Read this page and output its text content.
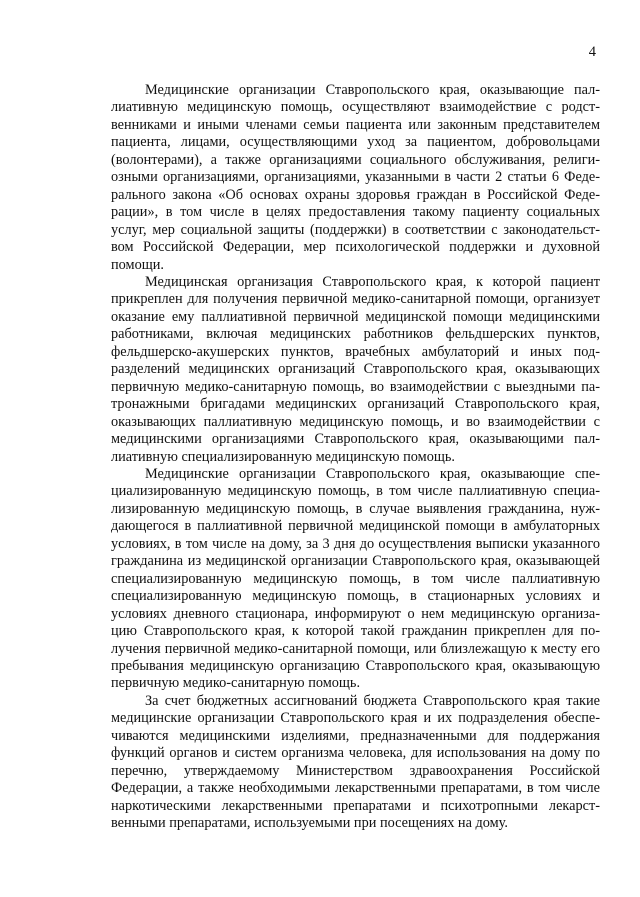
4

Медицинские организации Ставропольского края, оказывающие паллиативную медицинскую помощь, осуществляют взаимодействие с родственниками и иными членами семьи пациента или законным представителем пациента, лицами, осуществляющими уход за пациентом, добровольцами (волонтерами), а также организациями социального обслуживания, религиозными организациями, организациями, указанными в части 2 статьи 6 Федерального закона «Об основах охраны здоровья граждан в Российской Федерации», в том числе в целях предоставления такому пациенту социальных услуг, мер социальной защиты (поддержки) в соответствии с законодательством Российской Федерации, мер психологической поддержки и духовной помощи.

Медицинская организация Ставропольского края, к которой пациент прикреплен для получения первичной медико-санитарной помощи, организует оказание ему паллиативной первичной медицинской помощи медицинскими работниками, включая медицинских работников фельдшерских пунктов, фельдшерско-акушерских пунктов, врачебных амбулаторий и иных подразделений медицинских организаций Ставропольского края, оказывающих первичную медико-санитарную помощь, во взаимодействии с выездными патронажными бригадами медицинских организаций Ставропольского края, оказывающих паллиативную медицинскую помощь, и во взаимодействии с медицинскими организациями Ставропольского края, оказывающими паллиативную специализированную медицинскую помощь.

Медицинские организации Ставропольского края, оказывающие специализированную медицинскую помощь, в том числе паллиативную специализированную медицинскую помощь, в случае выявления гражданина, нуждающегося в паллиативной первичной медицинской помощи в амбулаторных условиях, в том числе на дому, за 3 дня до осуществления выписки указанного гражданина из медицинской организации Ставропольского края, оказывающей специализированную медицинскую помощь, в том числе паллиативную специализированную медицинскую помощь, в стационарных условиях и условиях дневного стационара, информируют о нем медицинскую организацию Ставропольского края, к которой такой гражданин прикреплен для получения первичной медико-санитарной помощи, или близлежащую к месту его пребывания медицинскую организацию Ставропольского края, оказывающую первичную медико-санитарную помощь.

За счет бюджетных ассигнований бюджета Ставропольского края такие медицинские организации Ставропольского края и их подразделения обеспечиваются медицинскими изделиями, предназначенными для поддержания функций органов и систем организма человека, для использования на дому по перечню, утверждаемому Министерством здравоохранения Российской Федерации, а также необходимыми лекарственными препаратами, в том числе наркотическими лекарственными препаратами и психотропными лекарственными препаратами, используемыми при посещениях на дому.
